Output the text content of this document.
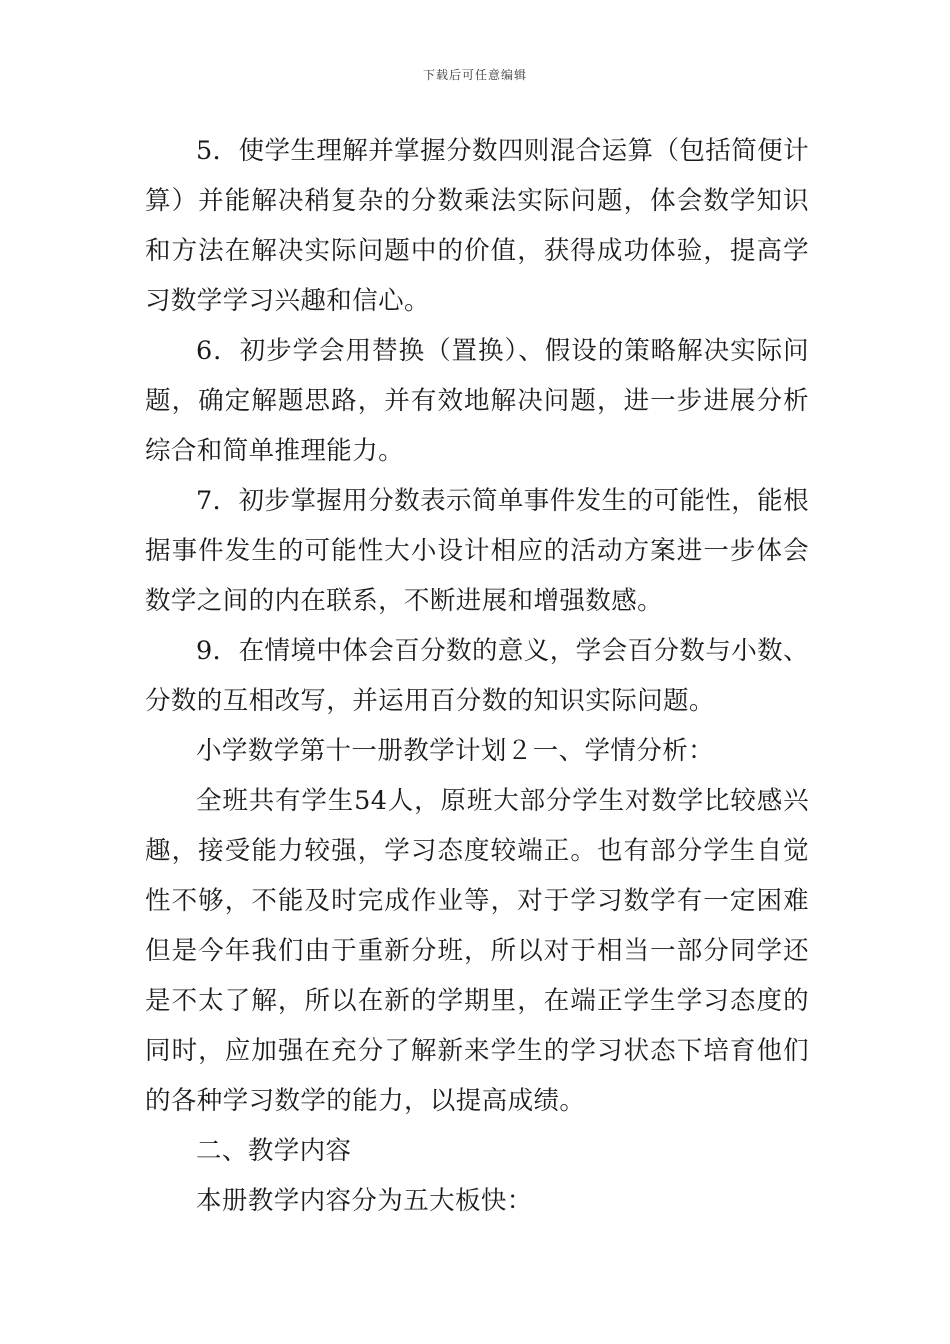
下载后可任意编辑

5．使学生理解并掌握分数四则混合运算（包括简便计算）并能解决稍复杂的分数乘法实际问题，体会数学知识和方法在解决实际问题中的价值，获得成功体验，提高学习数学学习兴趣和信心。

6．初步学会用替换（置换）、假设的策略解决实际问题，确定解题思路，并有效地解决问题，进一步进展分析综合和简单推理能力。

7．初步掌握用分数表示简单事件发生的可能性，能根据事件发生的可能性大小设计相应的活动方案进一步体会数学之间的内在联系，不断进展和增强数感。

9．在情境中体会百分数的意义，学会百分数与小数、分数的互相改写，并运用百分数的知识实际问题。

小学数学第十一册教学计划２一、学情分析：

全班共有学生54人，原班大部分学生对数学比较感兴趣，接受能力较强，学习态度较端正。也有部分学生自觉性不够，不能及时完成作业等，对于学习数学有一定困难但是今年我们由于重新分班，所以对于相当一部分同学还是不太了解，所以在新的学期里，在端正学生学习态度的同时，应加强在充分了解新来学生的学习状态下培育他们的各种学习数学的能力，以提高成绩。

二、教学内容

本册教学内容分为五大板快：
